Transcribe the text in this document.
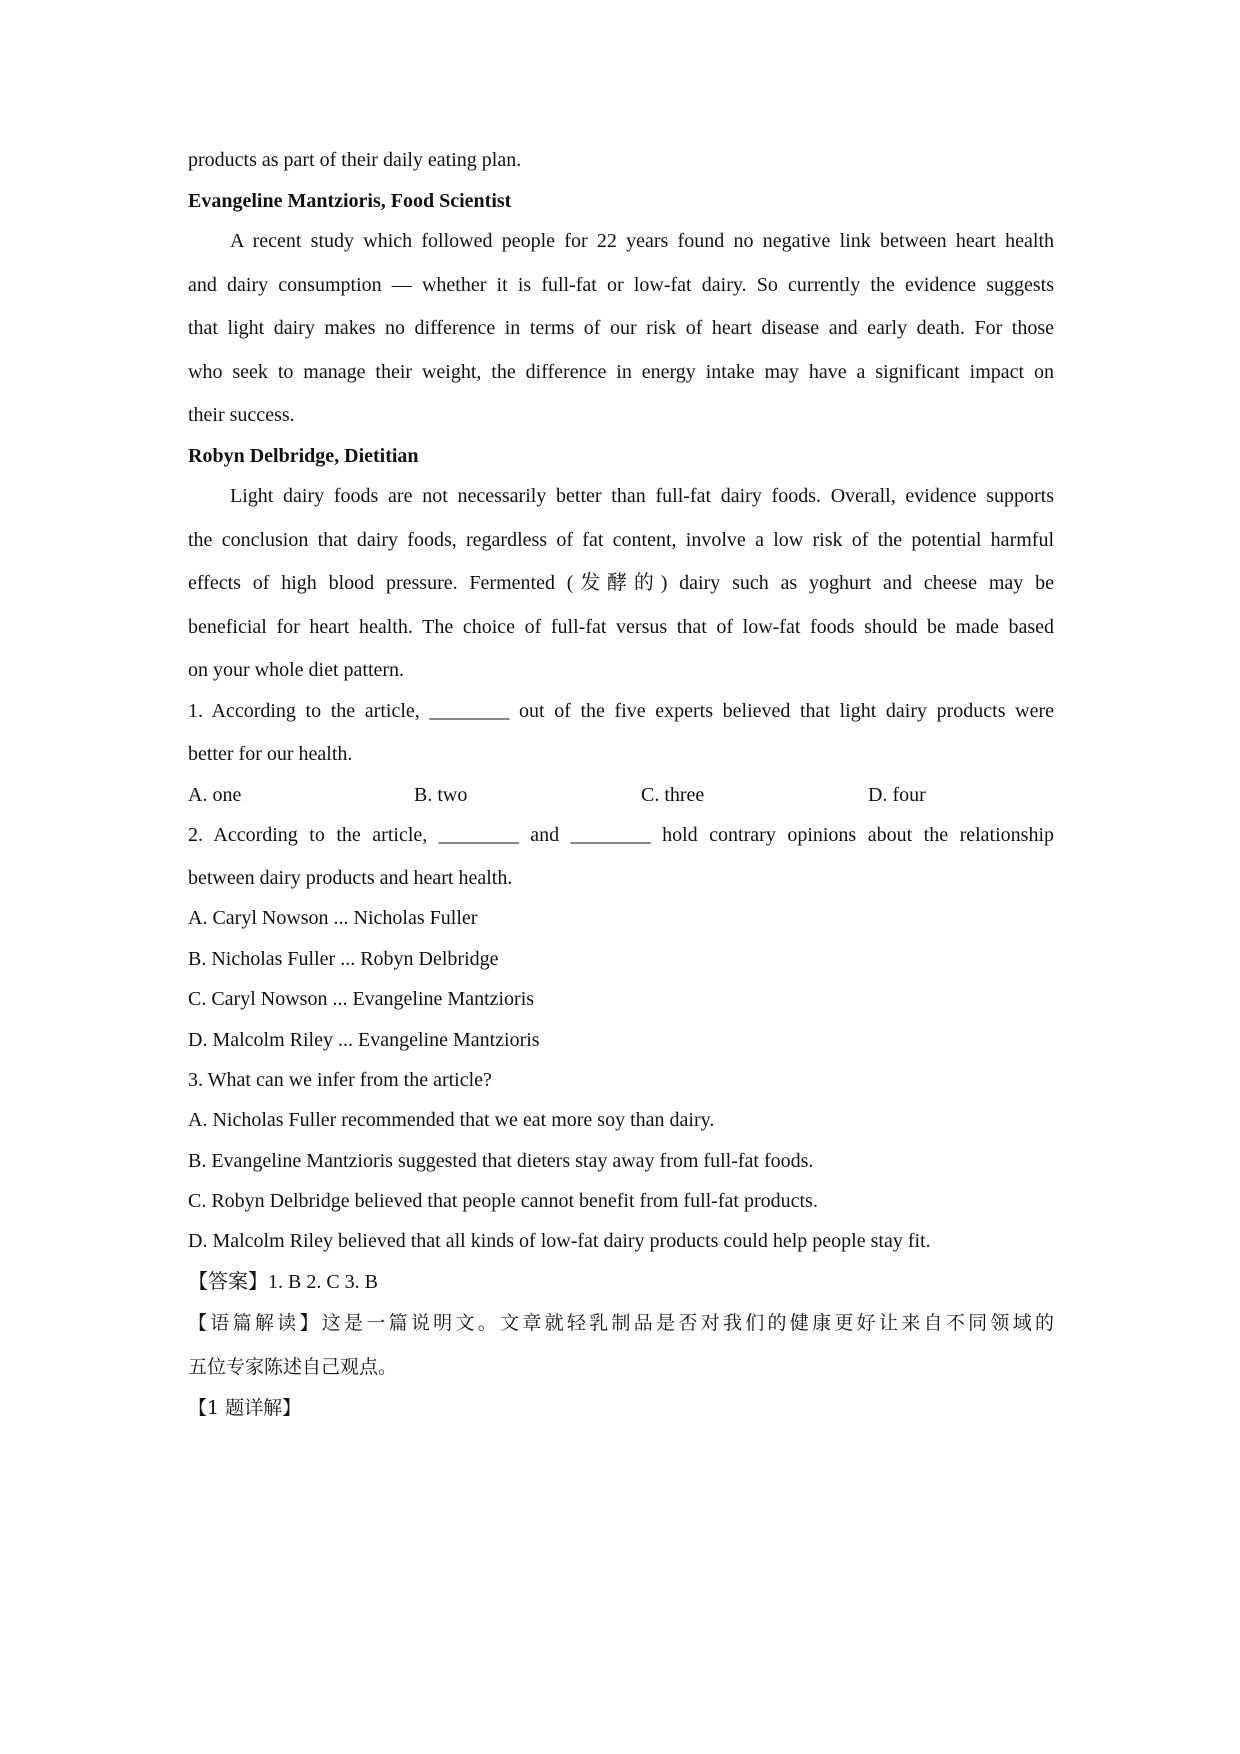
products as part of their daily eating plan.
Evangeline Mantzioris, Food Scientist
A recent study which followed people for 22 years found no negative link between heart health
and dairy consumption — whether it is full-fat or low-fat dairy. So currently the evidence suggests
that light dairy makes no difference in terms of our risk of heart disease and early death. For those
who seek to manage their weight, the difference in energy intake may have a significant impact on
their success.
Robyn Delbridge, Dietitian
Light dairy foods are not necessarily better than full-fat dairy foods. Overall, evidence supports
the conclusion that dairy foods, regardless of fat content, involve a low risk of the potential harmful
effects of high blood pressure. Fermented (发酵的) dairy such as yoghurt and cheese may be
beneficial for heart health. The choice of full-fat versus that of low-fat foods should be made based
on your whole diet pattern.
1. According to the article, ________ out of the five experts believed that light dairy products were
better for our health.
A. one	B. two	C. three	D. four
2. According to the article, ________ and ________ hold contrary opinions about the relationship
between dairy products and heart health.
A. Caryl Nowson ... Nicholas Fuller
B. Nicholas Fuller ... Robyn Delbridge
C. Caryl Nowson ... Evangeline Mantzioris
D. Malcolm Riley ... Evangeline Mantzioris
3. What can we infer from the article?
A. Nicholas Fuller recommended that we eat more soy than dairy.
B. Evangeline Mantzioris suggested that dieters stay away from full-fat foods.
C. Robyn Delbridge believed that people cannot benefit from full-fat products.
D. Malcolm Riley believed that all kinds of low-fat dairy products could help people stay fit.
【答案】1. B 2. C 3. B
【语篇解读】这是一篇说明文。文章就轻乳制品是否对我们的健康更好让来自不同领域的
五位专家陈述自己观点。
【1 题详解】
